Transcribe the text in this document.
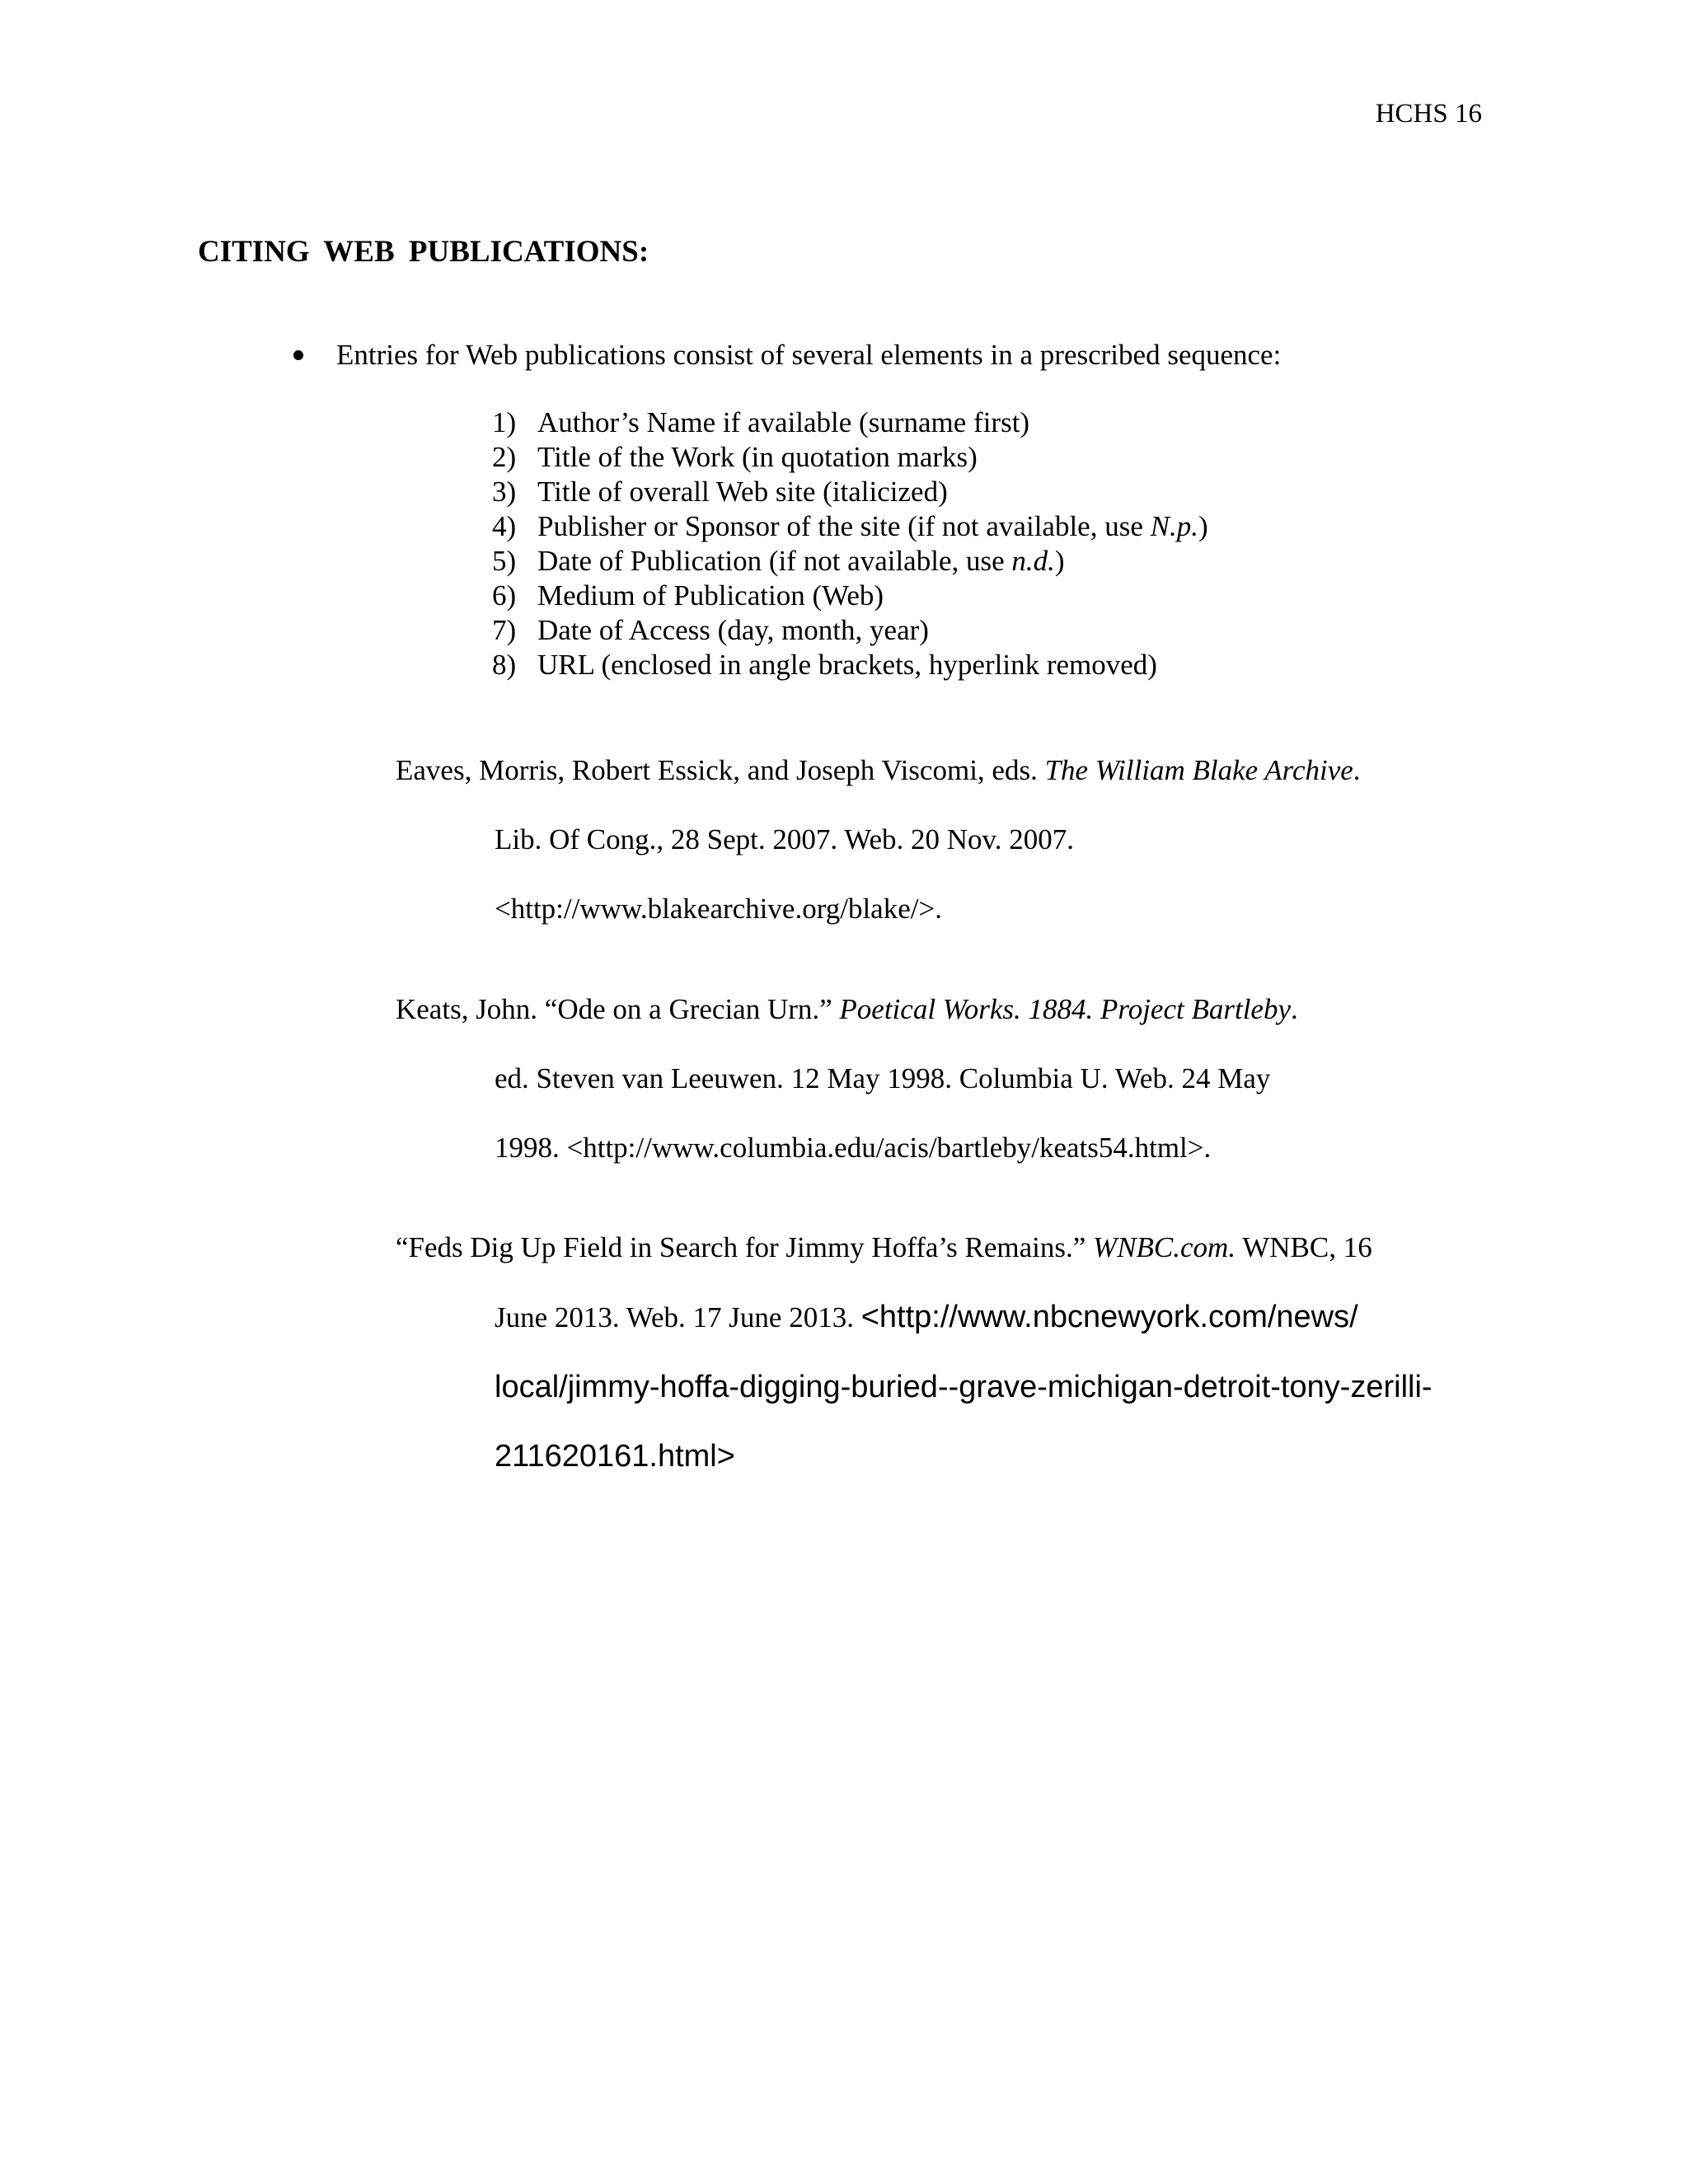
HCHS 16
CITING WEB PUBLICATIONS:
Entries for Web publications consist of several elements in a prescribed sequence:
1) Author’s Name if available (surname first)
2) Title of the Work (in quotation marks)
3) Title of overall Web site (italicized)
4) Publisher or Sponsor of the site (if not available, use N.p.)
5) Date of Publication (if not available, use n.d.)
6) Medium of Publication (Web)
7) Date of Access (day, month, year)
8) URL (enclosed in angle brackets, hyperlink removed)
Eaves, Morris, Robert Essick, and Joseph Viscomi, eds. The William Blake Archive.
Lib. Of Cong., 28 Sept. 2007. Web. 20 Nov. 2007.
<http://www.blakearchive.org/blake/>.
Keats, John. “Ode on a Grecian Urn.” Poetical Works. 1884. Project Bartleby.
ed. Steven van Leeuwen. 12 May 1998. Columbia U. Web. 24 May
1998. <http://www.columbia.edu/acis/bartleby/keats54.html>.
“Feds Dig Up Field in Search for Jimmy Hoffa’s Remains.” WNBC.com. WNBC, 16
June 2013. Web. 17 June 2013. <http://www.nbcnewyork.com/news/
local/jimmy-hoffa-digging-buried--grave-michigan-detroit-tony-zerilli-
211620161.html>
